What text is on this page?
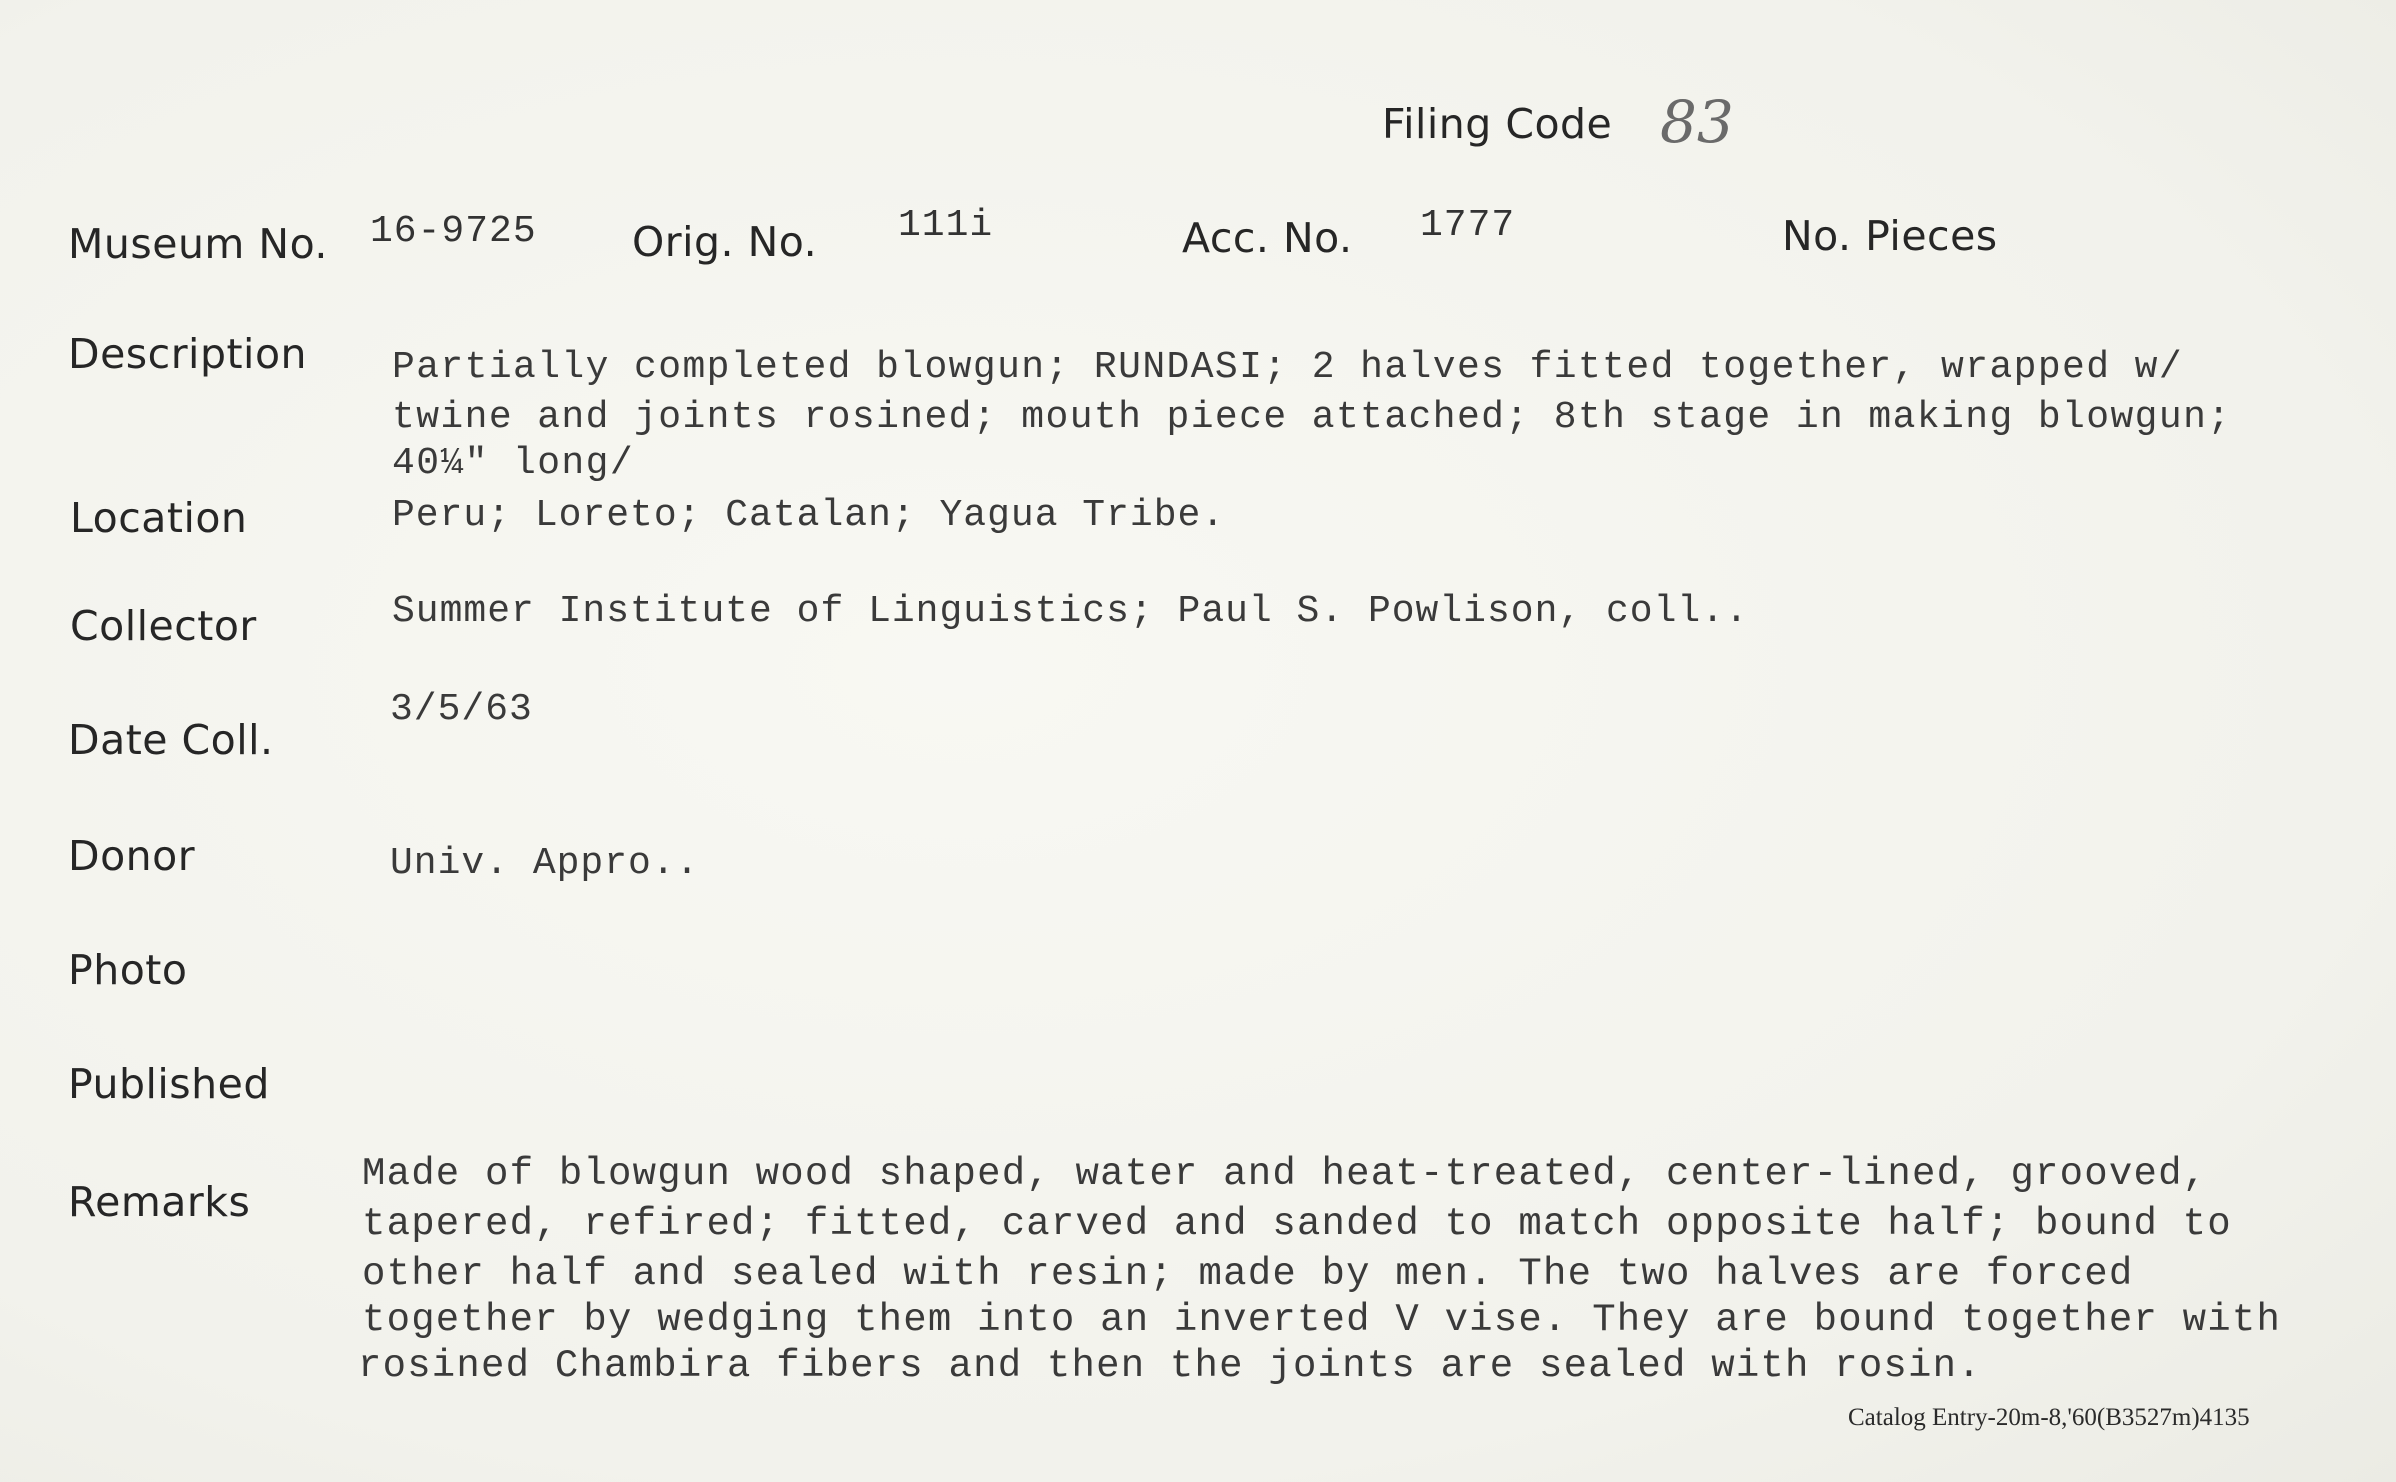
Filing Code 83
Museum No. 16-9725 Orig. No. 111i	Acc. No. 1777	No. Pieces
Description Partially completed blowgun; RUNDASI; 2 halves fitted together, wrapped w/
twine and joints rosined; mouth piece attached; 8th stage in making blowgun;
40¼" long/
Location	Peru; Loreto; Catalan; Yagua Tribe.
Collector	Summer Institute of Linguistics; Paul S. Powlison, coll..
Date Coll.
3/5/63
Donor	Univ. Appro..
Photo
Published
Remarks
Made of blowgun wood shaped, water and heat-treated, center-lined, grooved,
tapered, refired; fitted, carved and sanded to match opposite half; bound to
other half and sealed with resin; made by men. The two halves are forced
together by wedging them into an inverted V vise. They are bound together with
rosined Chambira fibers and then the joints are sealed with rosin.
Catalog Entry-20m-8,'60(B3527m)4135
